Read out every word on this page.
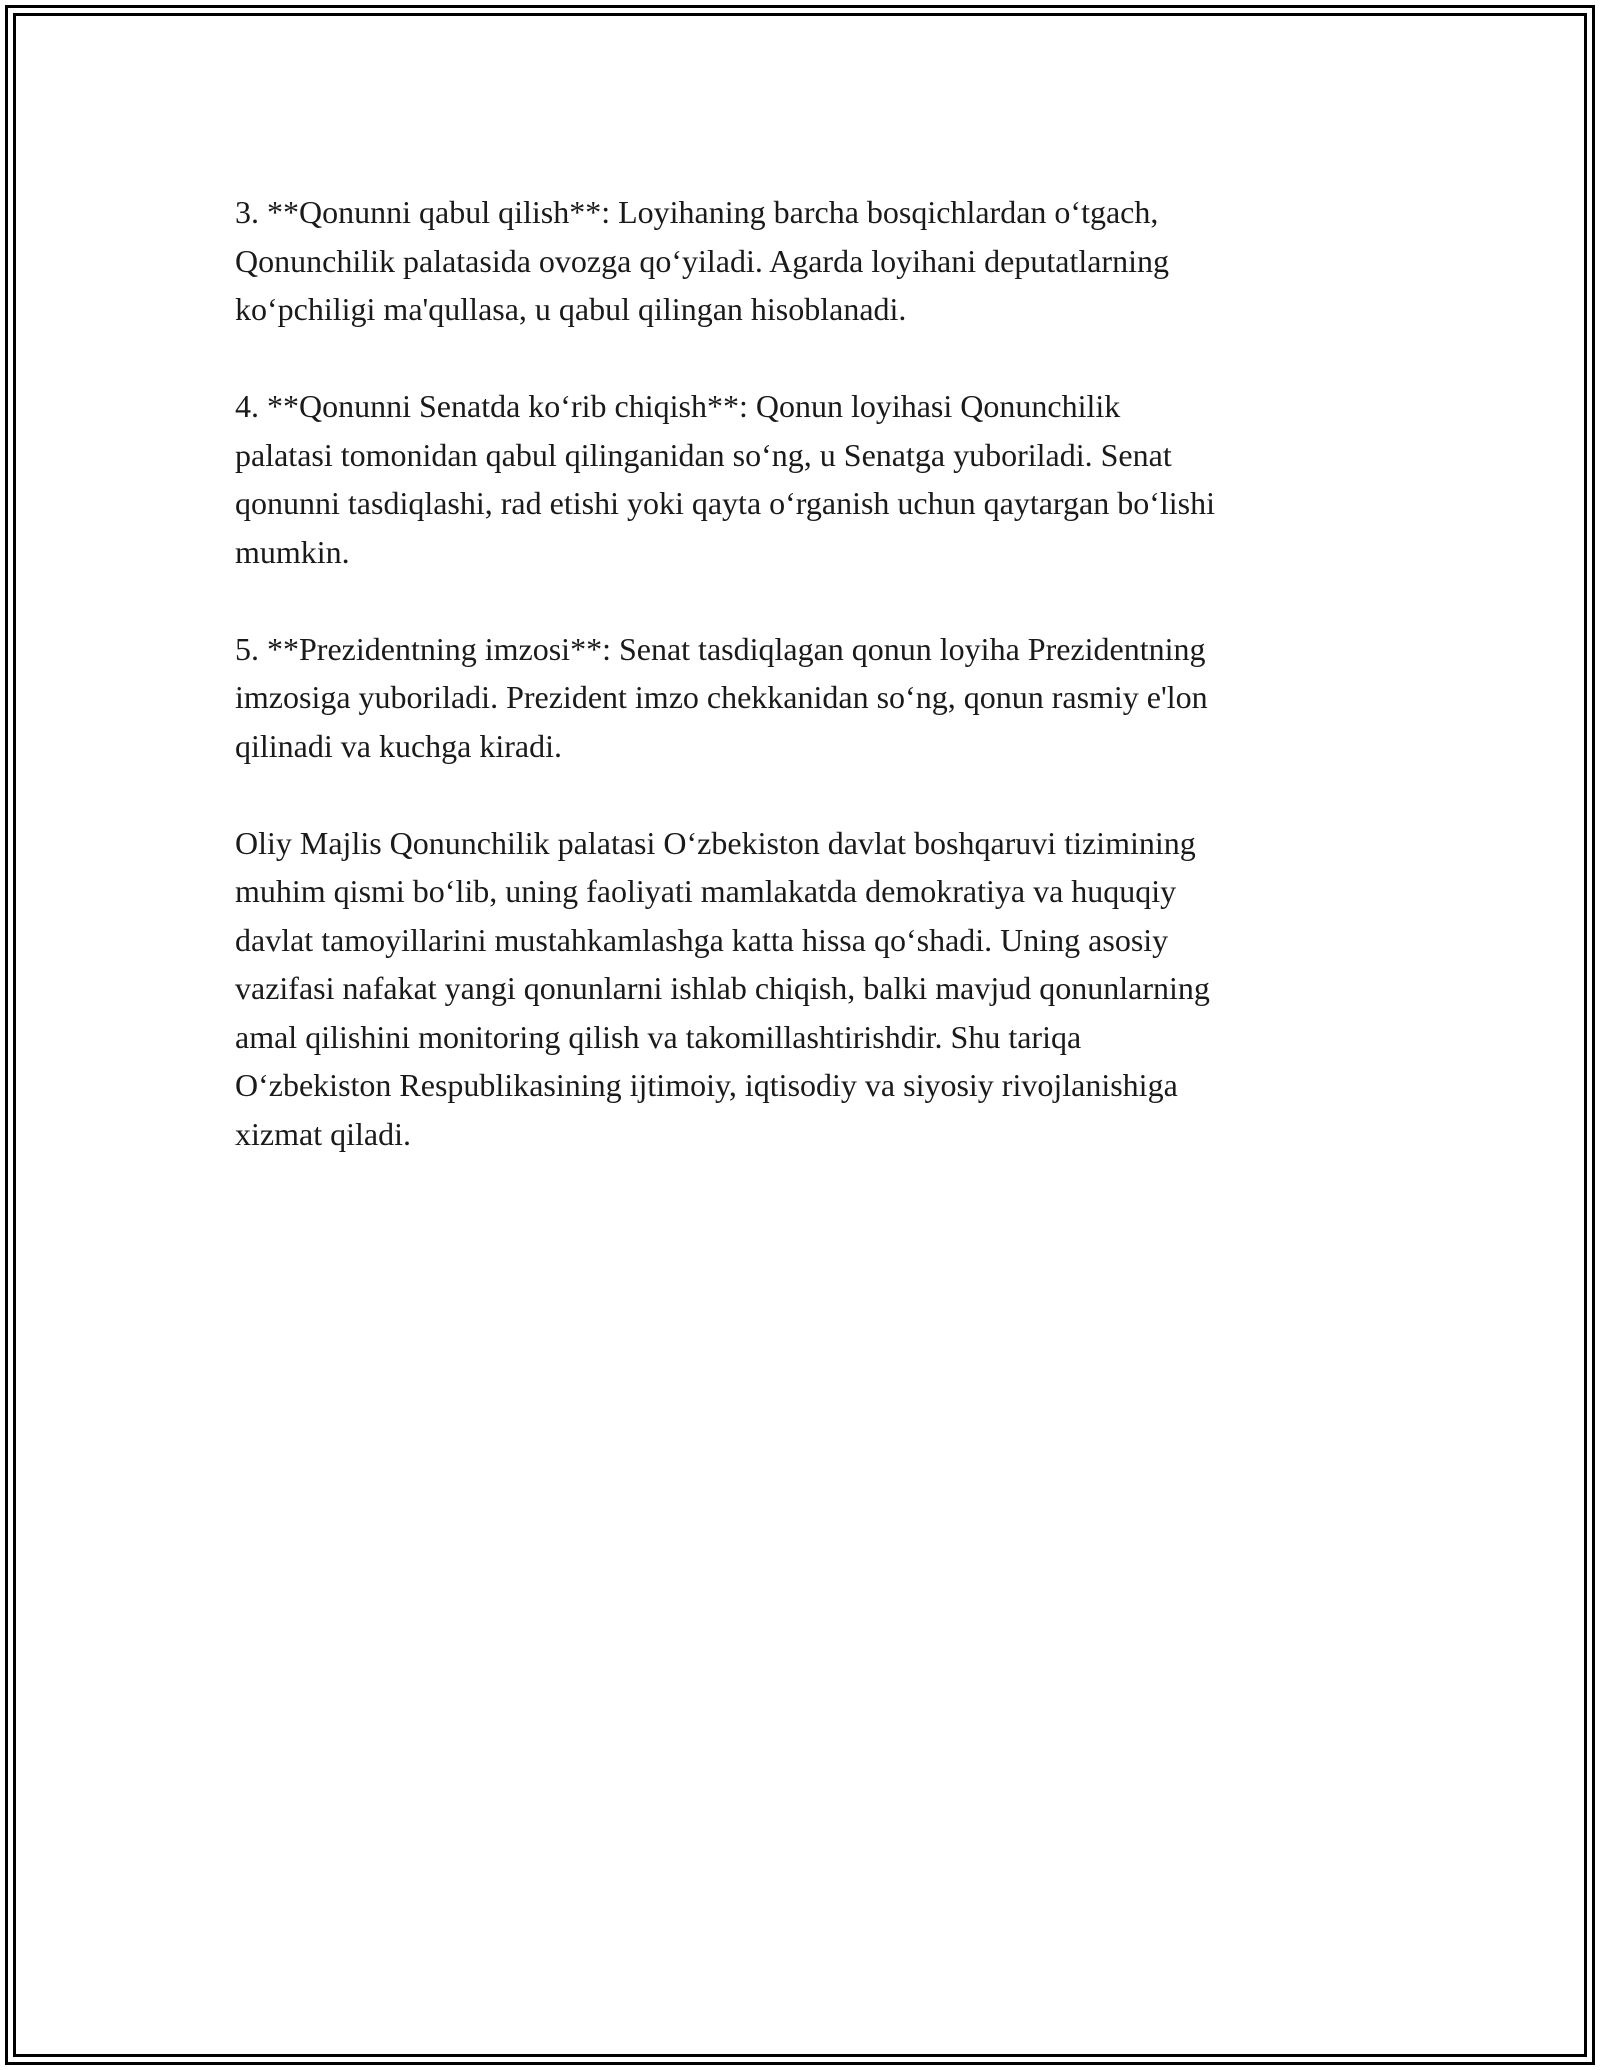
3. **Qonunni qabul qilish**: Loyihaning barcha bosqichlardan o‘tgach,
Qonunchilik palatasida ovozga qo‘yiladi. Agarda loyihani deputatlarning
ko‘pchiligi ma'qullasa, u qabul qilingan hisoblanadi.

4. **Qonunni Senatda ko‘rib chiqish**: Qonun loyihasi Qonunchilik
palatasi tomonidan qabul qilinganidan so‘ng, u Senatga yuboriladi. Senat
qonunni tasdiqlashi, rad etishi yoki qayta o‘rganish uchun qaytargan bo‘lishi
mumkin.

5. **Prezidentning imzosi**: Senat tasdiqlagan qonun loyiha Prezidentning
imzosiga yuboriladi. Prezident imzo chekkanidan so‘ng, qonun rasmiy e'lon
qilinadi va kuchga kiradi.

Oliy Majlis Qonunchilik palatasi O‘zbekiston davlat boshqaruvi tizimining
muhim qismi bo‘lib, uning faoliyati mamlakatda demokratiya va huquqiy
davlat tamoyillarini mustahkamlashga katta hissa qo‘shadi. Uning asosiy
vazifasi nafakat yangi qonunlarni ishlab chiqish, balki mavjud qonunlarning
amal qilishini monitoring qilish va takomillashtirishdir. Shu tariqa
O‘zbekiston Respublikasining ijtimoiy, iqtisodiy va siyosiy rivojlanishiga
xizmat qiladi.
